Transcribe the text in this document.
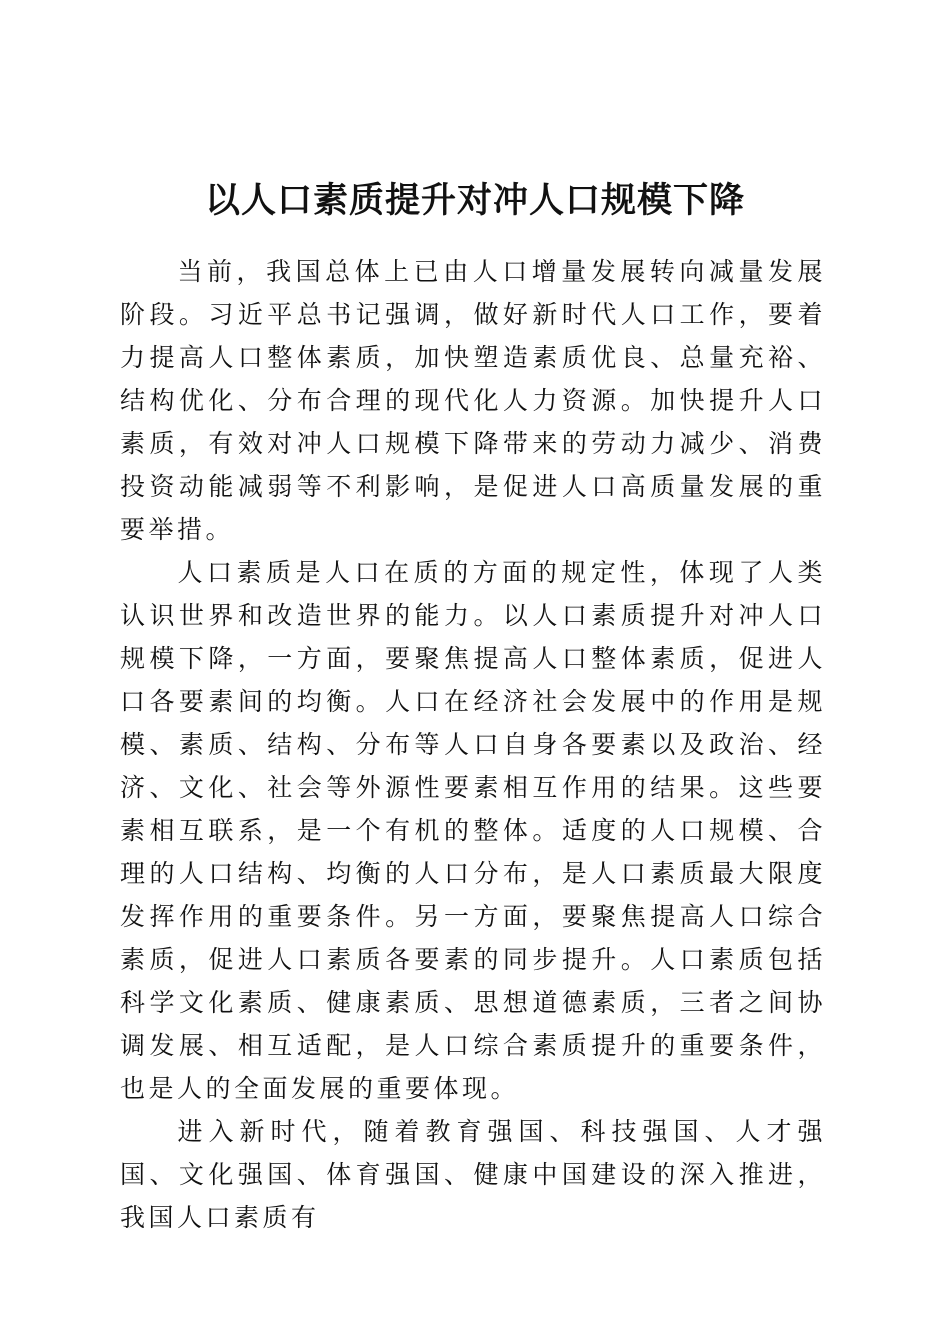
以人口素质提升对冲人口规模下降

当前，我国总体上已由人口增量发展转向减量发展阶段。习近平总书记强调，做好新时代人口工作，要着力提高人口整体素质，加快塑造素质优良、总量充裕、结构优化、分布合理的现代化人力资源。加快提升人口素质，有效对冲人口规模下降带来的劳动力减少、消费投资动能减弱等不利影响，是促进人口高质量发展的重要举措。

人口素质是人口在质的方面的规定性，体现了人类认识世界和改造世界的能力。以人口素质提升对冲人口规模下降，一方面，要聚焦提高人口整体素质，促进人口各要素间的均衡。人口在经济社会发展中的作用是规模、素质、结构、分布等人口自身各要素以及政治、经济、文化、社会等外源性要素相互作用的结果。这些要素相互联系，是一个有机的整体。适度的人口规模、合理的人口结构、均衡的人口分布，是人口素质最大限度发挥作用的重要条件。另一方面，要聚焦提高人口综合素质，促进人口素质各要素的同步提升。人口素质包括科学文化素质、健康素质、思想道德素质，三者之间协调发展、相互适配，是人口综合素质提升的重要条件，也是人的全面发展的重要体现。

进入新时代，随着教育强国、科技强国、人才强国、文化强国、体育强国、健康中国建设的深入推进，我国人口素质有
